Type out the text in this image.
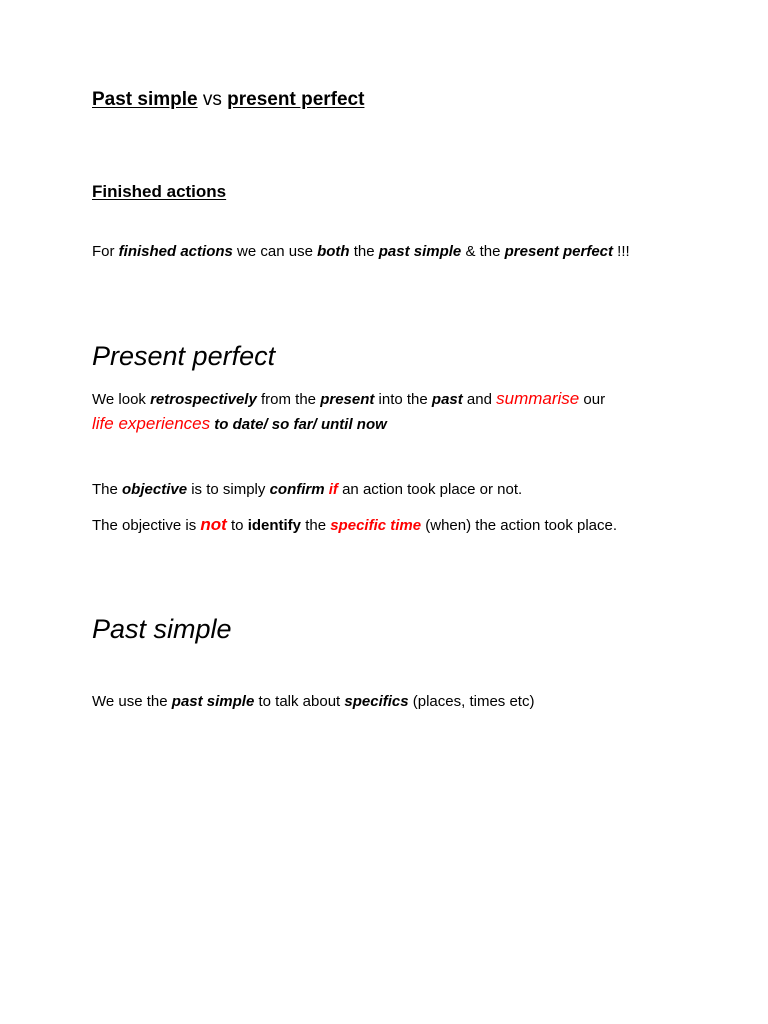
Past simple vs present perfect
Finished actions
For finished actions we can use both the past simple & the present perfect !!!
Present perfect
We look retrospectively from the present into the past and summarise our
life experiences to date/ so far/ until now
The objective is to simply confirm if an action took place or not.
The objective is not to identify the specific time (when) the action took place.
Past simple
We use the past simple to talk about specifics (places, times etc)
